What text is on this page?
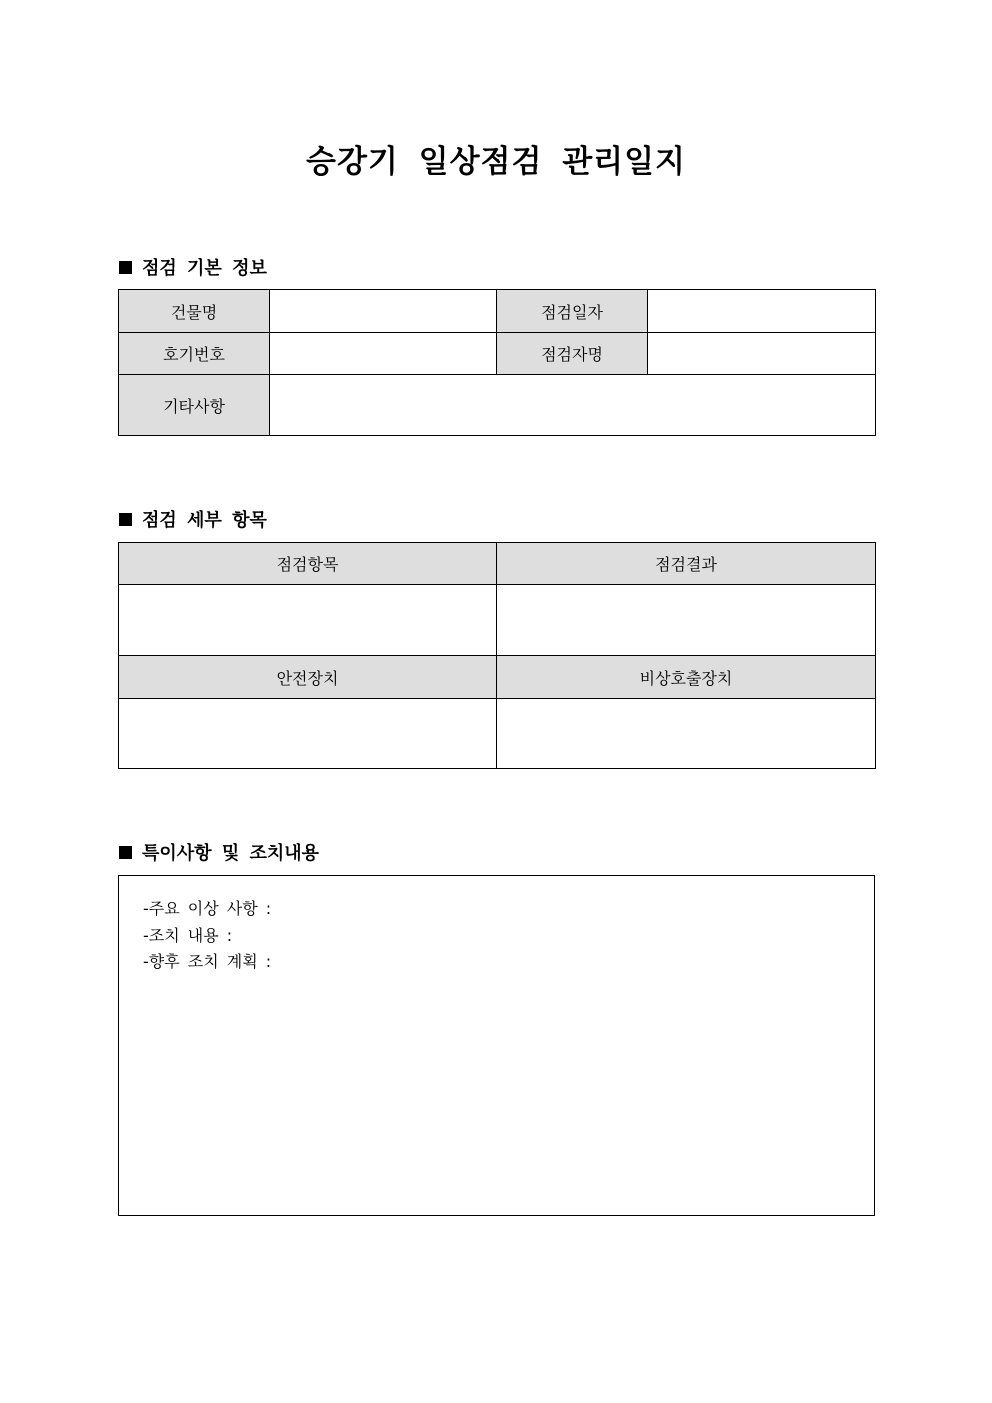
승강기 일상점검 관리일지
점검 기본 정보
건물명		점검일자	
호기번호		점검자명	
기타사항			
점검 세부 항목
점검항목	점검결과

안전장치	비상호출장치

특이사항 및 조치내용
-주요 이상 사항 :
-조치 내용 :
-향후 조치 계획 :
